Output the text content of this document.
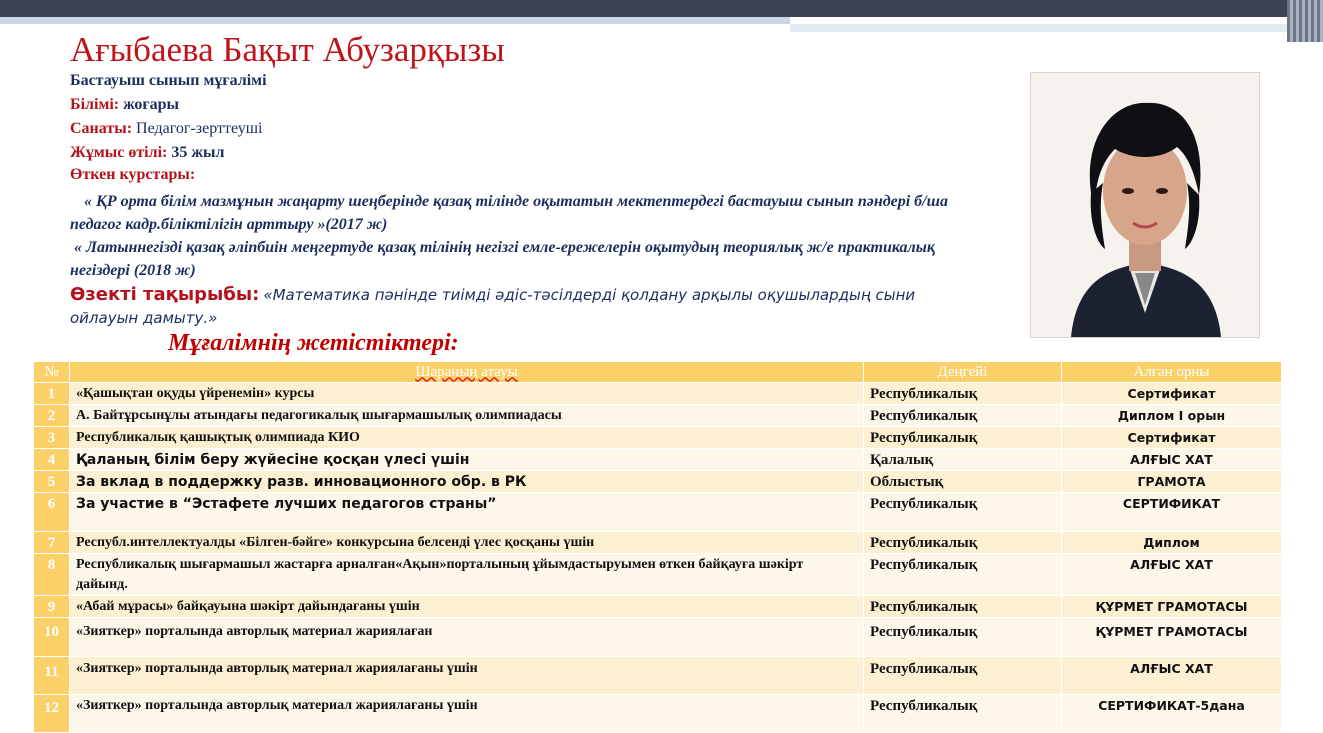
Ағыбаева Бақыт Абузарқызы
Бастауыш сынып мұғалімі
Білімі: жоғары
Санаты: Педагог-зерттеуші
Жұмыс өтілі: 35 жыл
Өткен курстары:
« ҚР орта білім мазмұнын жаңарту шеңберінде қазақ тілінде оқытатын мектептердегі бастауыш сынып пәндері б/ша педагог кадр.біліктілігін арттыру »(2017 ж)
« Латыннегізді қазақ әліпбиін меңгертуде қазақ тілінің негізгі емле-ережелерін оқытудың теориялық ж/е практикалық негіздері (2018 ж)
Өзекті тақырыбы: «Математика пәнінде тиімді әдіс-тәсілдерді қолдану арқылы оқушылардың сыни ойлауын дамыту.»
Мұғалімнің жетістіктері:
№	Шараның атауы	Деңгейі	Алған орны
1	«Қашықтан оқуды үйренемін» курсы	Республикалық	Сертификат
2	А. Байтұрсынұлы атындағы педагогикалық шығармашылық олимпиадасы	Республикалық	Диплом І орын
3	Республикалық қашықтық олимпиада КИО	Республикалық	Сертификат
4	Қаланың білім беру жүйесіне қосқан үлесі үшін	Қалалық	АЛҒЫС ХАТ
5	За вклад в поддержку разв. инновационного обр. в РК	Облыстық	ГРАМОТА
6	За участие в “Эстафете лучших педагогов страны”	Республикалық	СЕРТИФИКАТ
7	Республ.интеллектуалды «Білген-бәйге» конкурсына белсенді үлес қосқаны үшін	Республикалық	Диплом
8	Республикалық шығармашыл жастарға арналған«Ақын»порталының ұйымдастыруымен өткен байқауға шәкірт дайынд.	Республикалық	АЛҒЫС ХАТ
9	«Абай мұрасы» байқауына шәкірт дайындағаны үшін	Республикалық	ҚҰРМЕТ ГРАМОТАСЫ
10	«Зияткер» порталында авторлық материал жариялаған	Республикалық	ҚҰРМЕТ ГРАМОТАСЫ
11	«Зияткер» порталында авторлық материал жариялағаны үшін	Республикалық	АЛҒЫС ХАТ
12	«Зияткер» порталында авторлық материал жариялағаны үшін	Республикалық	СЕРТИФИКАТ-5дана
